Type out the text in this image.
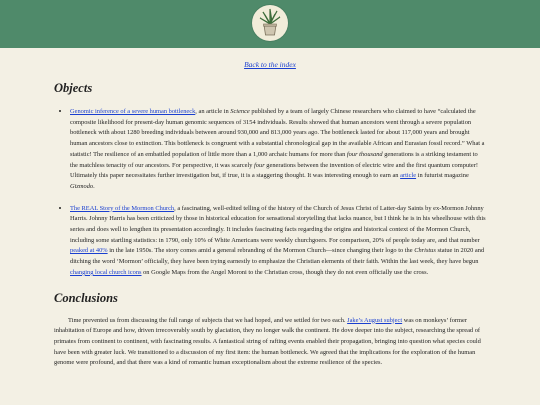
Back to the index
Objects
• Genomic inference of a severe human bottleneck, an article in Science published by a team of largely Chinese researchers who claimed to have “calculated the composite likelihood for present-day human genomic sequences of 3154 individuals. Results showed that human ancestors went through a severe population bottleneck with about 1280 breeding individuals between around 930,000 and 813,000 years ago. The bottleneck lasted for about 117,000 years and brought human ancestors close to extinction. This bottleneck is congruent with a substantial chronological gap in the available African and Eurasian fossil record.” What a statistic! The resilience of an embattled population of little more than a 1,000 archaic humans for more than four thousand generations is a striking testament to the matchless tenacity of our ancestors. For perspective, it was scarcely four generations between the invention of electric wire and the first quantum computer! Ultimately this paper necessitates further investigation but, if true, it is a staggering thought. It was interesting enough to earn an article in futurist magazine Gizmodo.
• The REAL Story of the Mormon Church, a fascinating, well-edited telling of the history of the Church of Jesus Christ of Latter-day Saints by ex-Mormon Johnny Harris. Johnny Harris has been criticized by those in historical education for sensational storytelling that lacks nuance, but I think he is in his wheelhouse with this series and does well to lengthen its presentation accordingly. It includes fascinating facts regarding the origins and historical context of the Mormon Church, including some startling statistics: in 1790, only 10% of White Americans were weekly churchgoers. For comparison, 20% of people today are, and that number peaked at 40% in the late 1950s. The story comes amid a general rebranding of the Mormon Church—since changing their logo to the Christus statue in 2020 and ditching the word ‘Mormon’ officially, they have been trying earnestly to emphasize the Christian elements of their faith. Within the last week, they have begun changing local church icons on Google Maps from the Angel Moroni to the Christian cross, though they do not even officially use the cross.
Conclusions

Time prevented us from discussing the full range of subjects that we had hoped, and we settled for two each. Jake’s August subject was on monkeys’ former inhabitation of Europe and how, driven irrecoverably south by glaciation, they no longer walk the continent. He dove deeper into the subject, researching the spread of primates from continent to continent, with fascinating results. A fantastical string of rafting events enabled their propagation, bringing into question what species could have been with greater luck. We transitioned to a discussion of my first item: the human bottleneck. We agreed that the implications for the exploration of the human genome were profound, and that there was a kind of romantic human exceptionalism about the extreme resilience of the species.
